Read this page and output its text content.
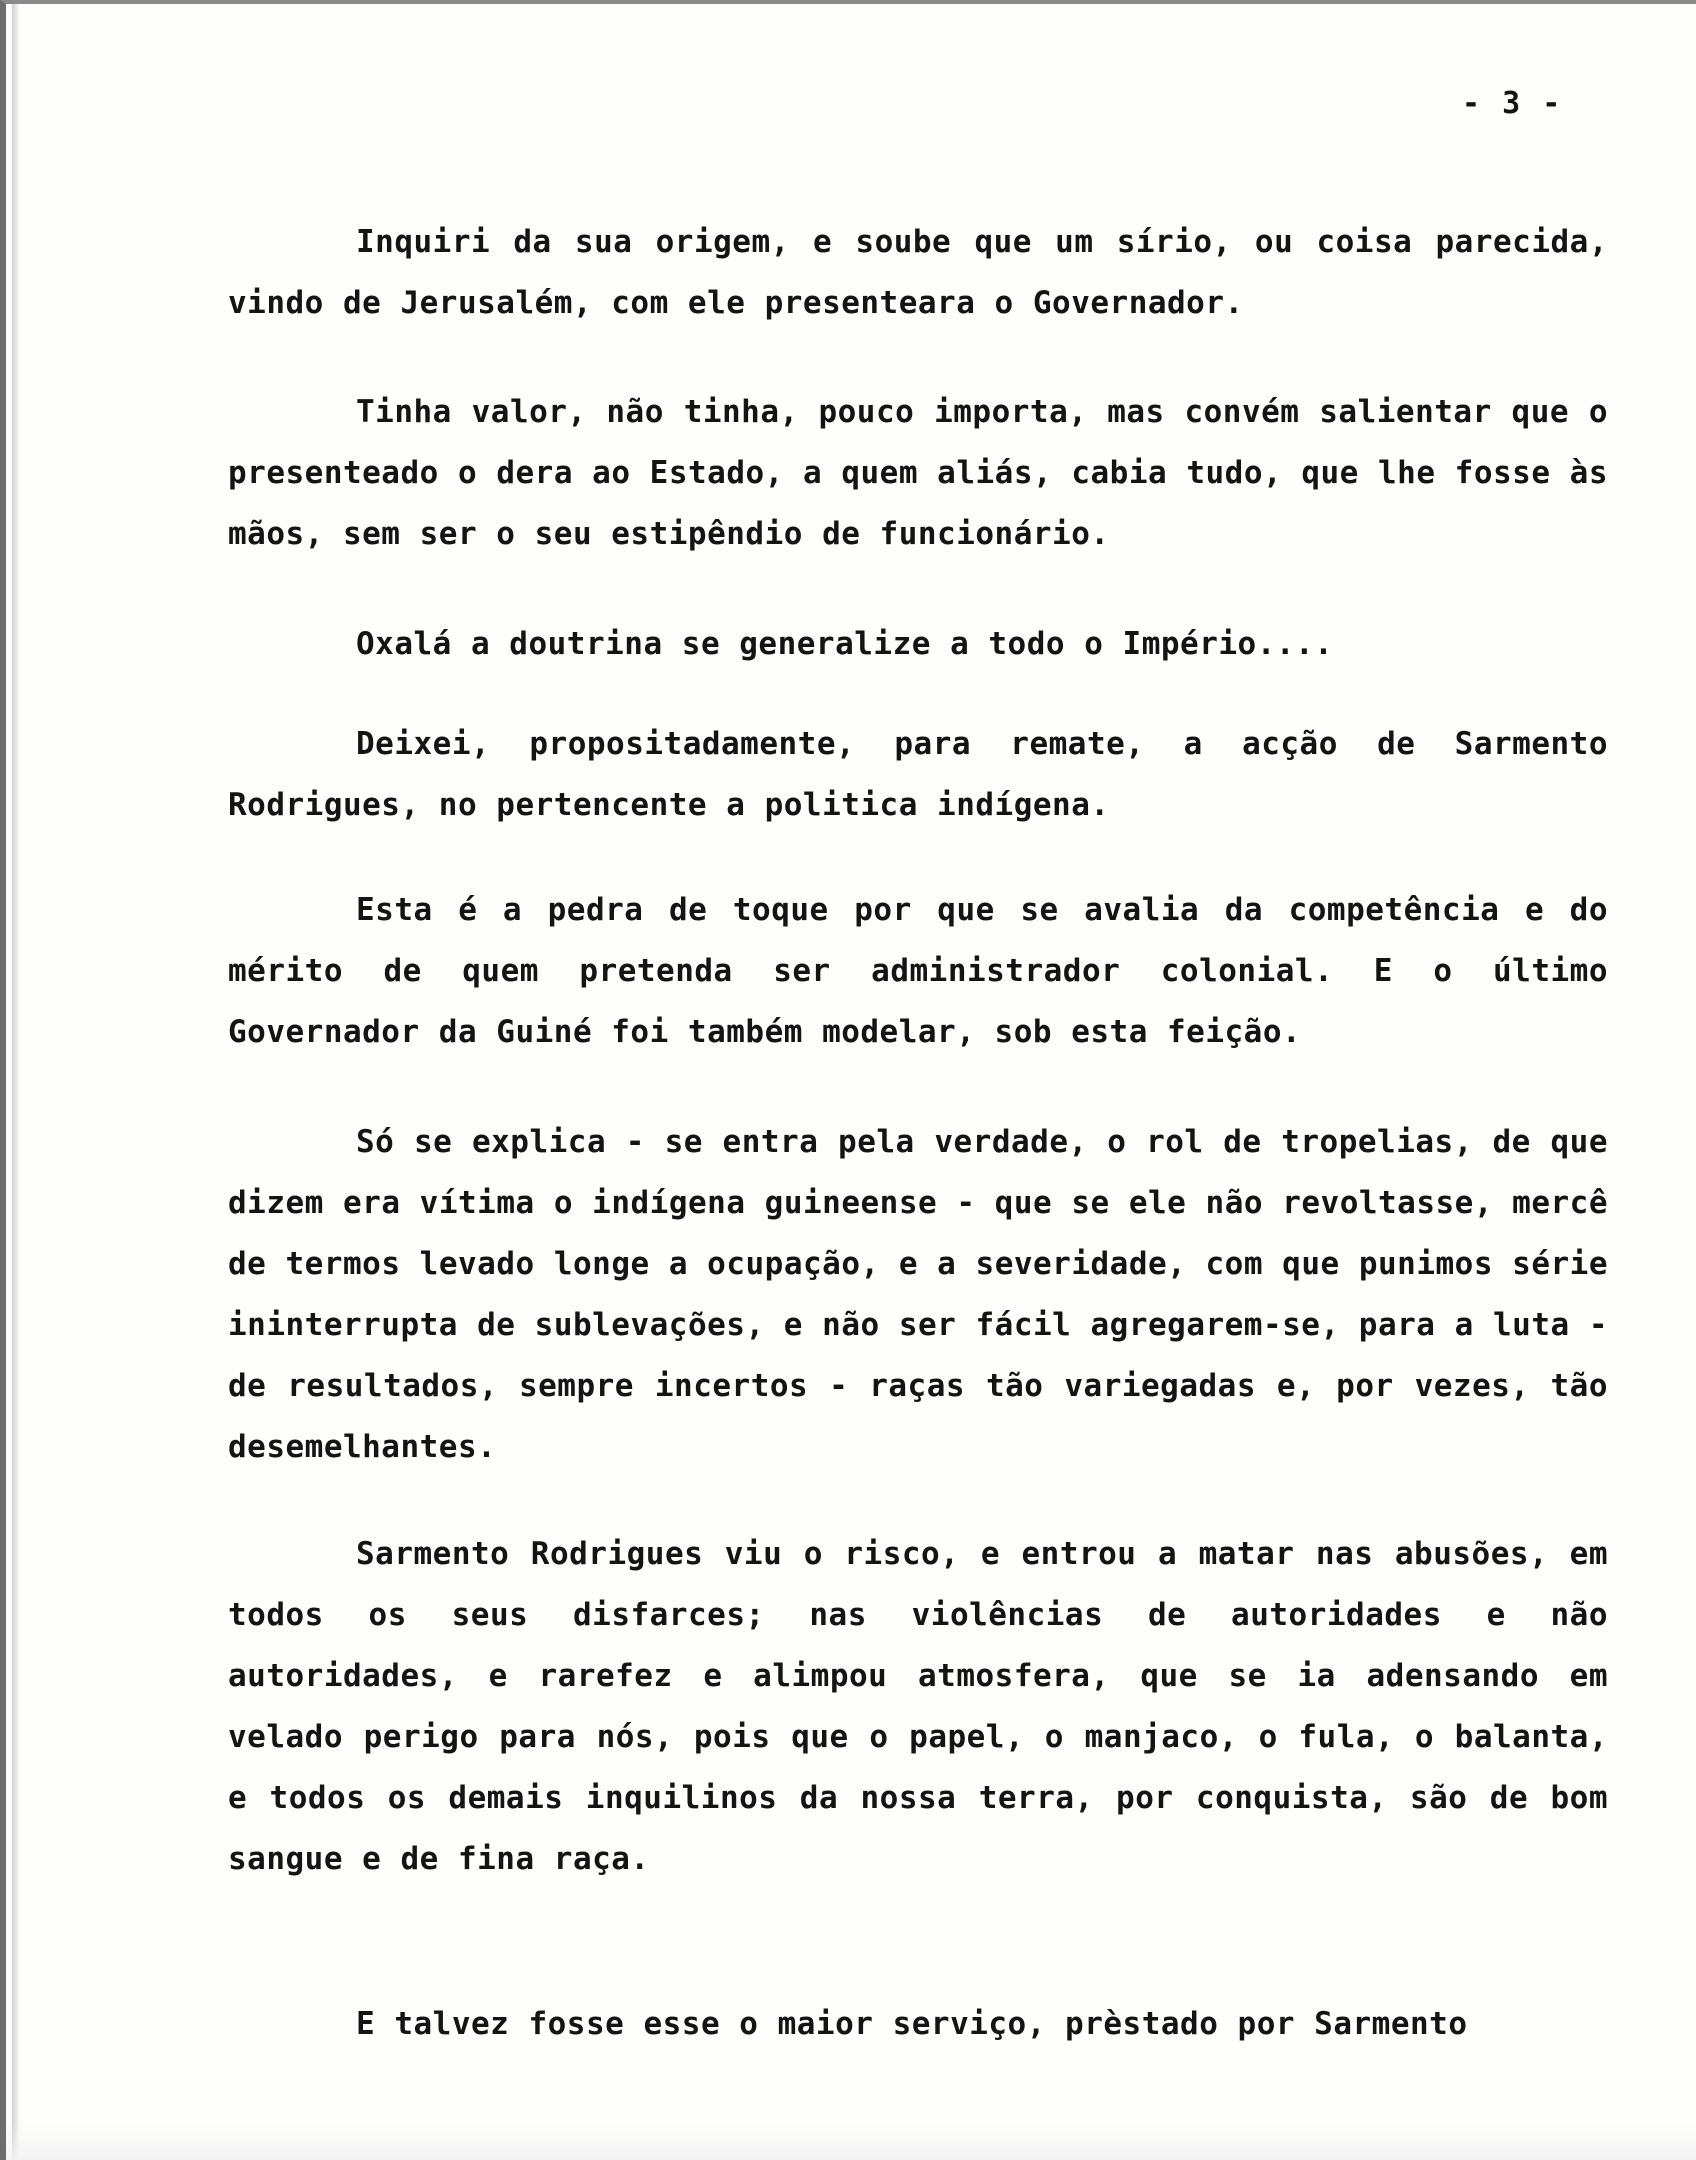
- 3 -

Inquiri da sua origem, e soube que um sírio, ou coisa parecida, vindo de Jerusalém, com ele presenteara o Governador.

Tinha valor, não tinha, pouco importa, mas convém salientar que o presenteado o dera ao Estado, a quem aliás, cabia tudo, que lhe fosse às mãos, sem ser o seu estipêndio de funcionário.

Oxalá a doutrina se generalize a todo o Império....

Deixei, propositadamente, para remate, a acção de Sarmento Rodrigues, no pertencente a politica indígena.

Esta é a pedra de toque por que se avalia da competência e do mérito de quem pretenda ser administrador colonial. E o último Governador da Guiné foi também modelar, sob esta feição.

Só se explica - se entra pela verdade, o rol de tropelias, de que dizem era vítima o indígena guineense - que se ele não revoltasse, mercê de termos levado longe a ocupação, e a severidade, com que punimos série ininterrupta de sublevações, e não ser fácil agregarem-se, para a luta - de resultados, sempre incertos - raças tão variegadas e, por vezes, tão desemelhantes.

Sarmento Rodrigues viu o risco, e entrou a matar nas abusões, em todos os seus disfarces; nas violências de autoridades e não autoridades, e rarefez e alimpou atmosfera, que se ia adensando em velado perigo para nós, pois que o papel, o manjaco, o fula, o balanta, e todos os demais inquilinos da nossa terra, por conquista, são de bom sangue e de fina raça.

E talvez fosse esse o maior serviço, prèstado por Sarmento
